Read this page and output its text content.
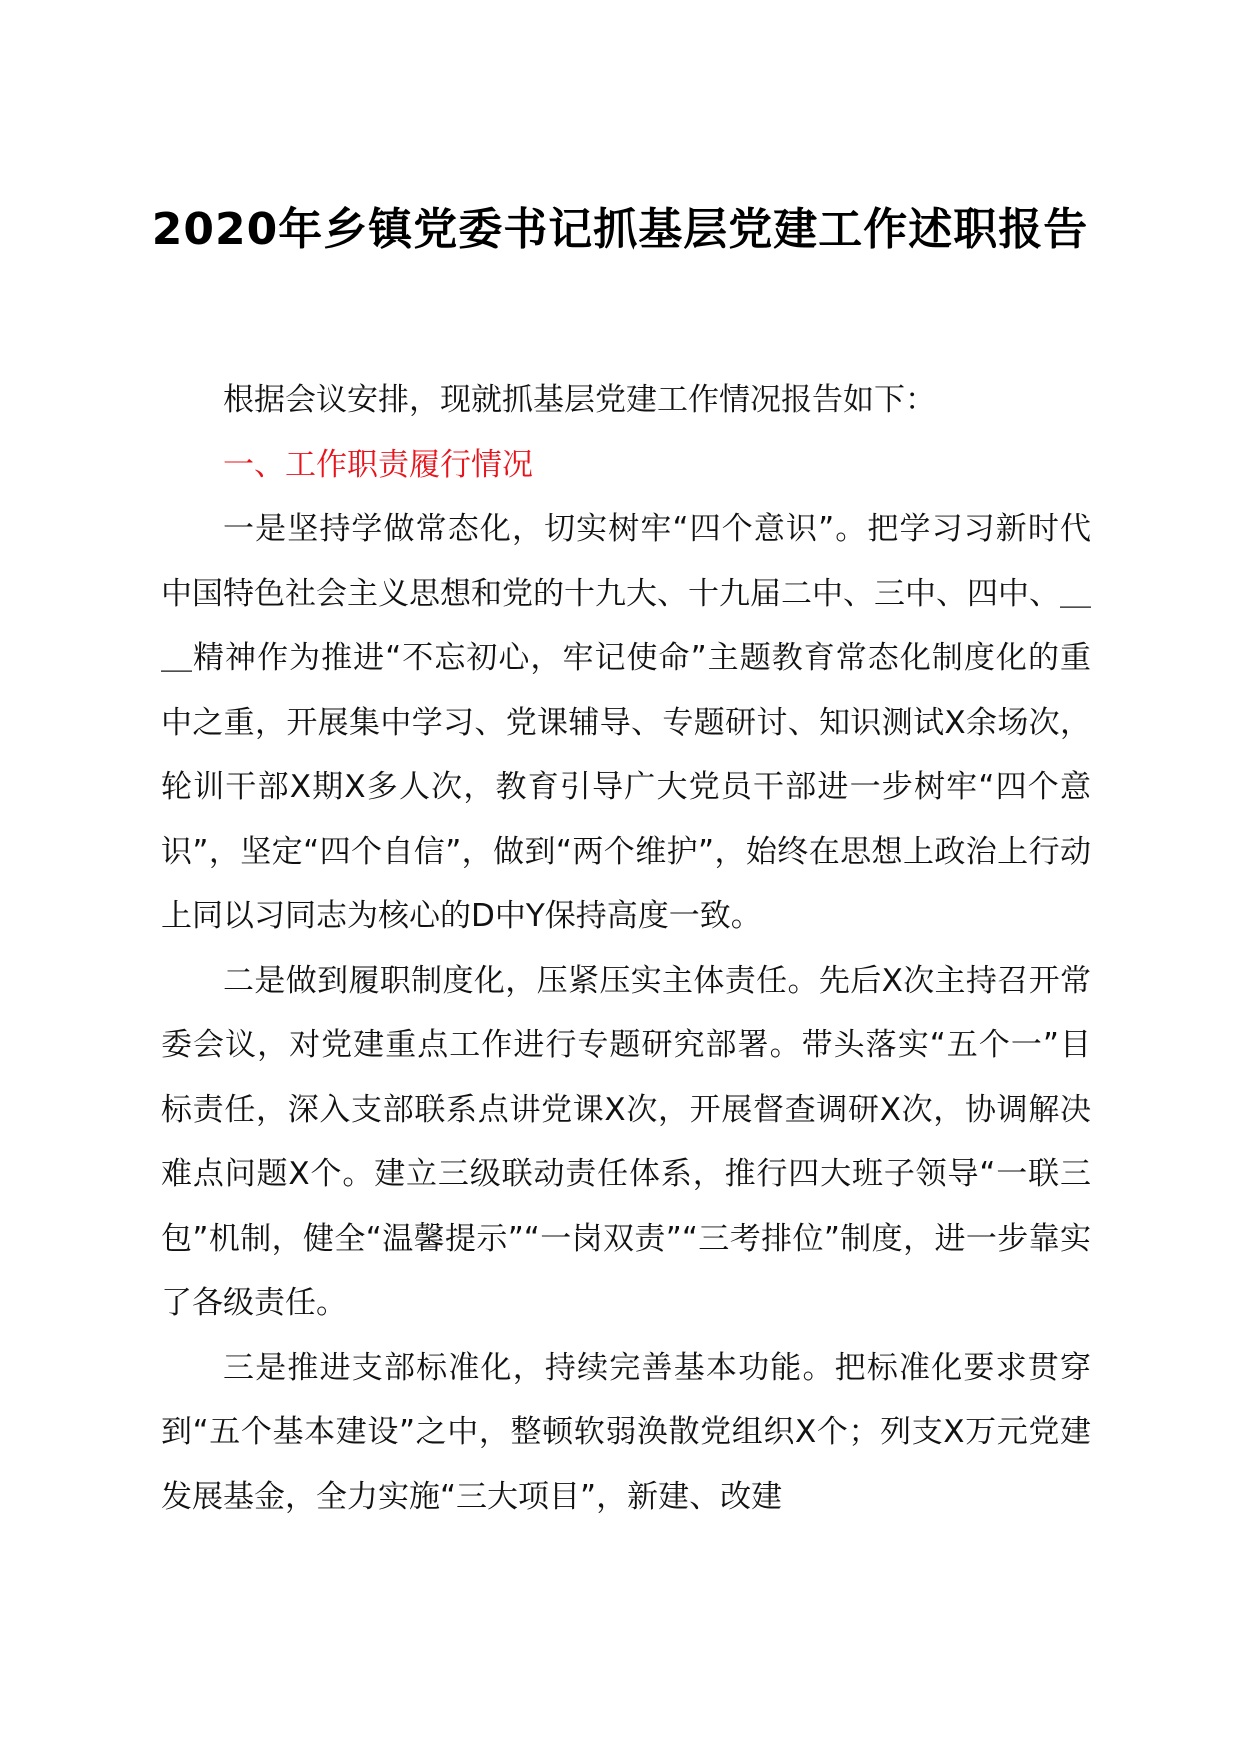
2020年乡镇党委书记抓基层党建工作述职报告

根据会议安排，现就抓基层党建工作情况报告如下：

一、工作职责履行情况

一是坚持学做常态化，切实树牢“四个意识”。把学习习新时代中国特色社会主义思想和党的十九大、十九届二中、三中、四中、＿＿精神作为推进“不忘初心，牢记使命”主题教育常态化制度化的重中之重，开展集中学习、党课辅导、专题研讨、知识测试X余场次，轮训干部X期X多人次，教育引导广大党员干部进一步树牢“四个意识”，坚定“四个自信”，做到“两个维护”，始终在思想上政治上行动上同以习同志为核心的D中Y保持高度一致。

二是做到履职制度化，压紧压实主体责任。先后X次主持召开常委会议，对党建重点工作进行专题研究部署。带头落实“五个一”目标责任，深入支部联系点讲党课X次，开展督查调研X次，协调解决难点问题X个。建立三级联动责任体系，推行四大班子领导“一联三包”机制，健全“温馨提示”“一岗双责”“三考排位”制度，进一步靠实了各级责任。

三是推进支部标准化，持续完善基本功能。把标准化要求贯穿到“五个基本建设”之中，整顿软弱涣散党组织X个；列支X万元党建发展基金，全力实施“三大项目”，新建、改建
